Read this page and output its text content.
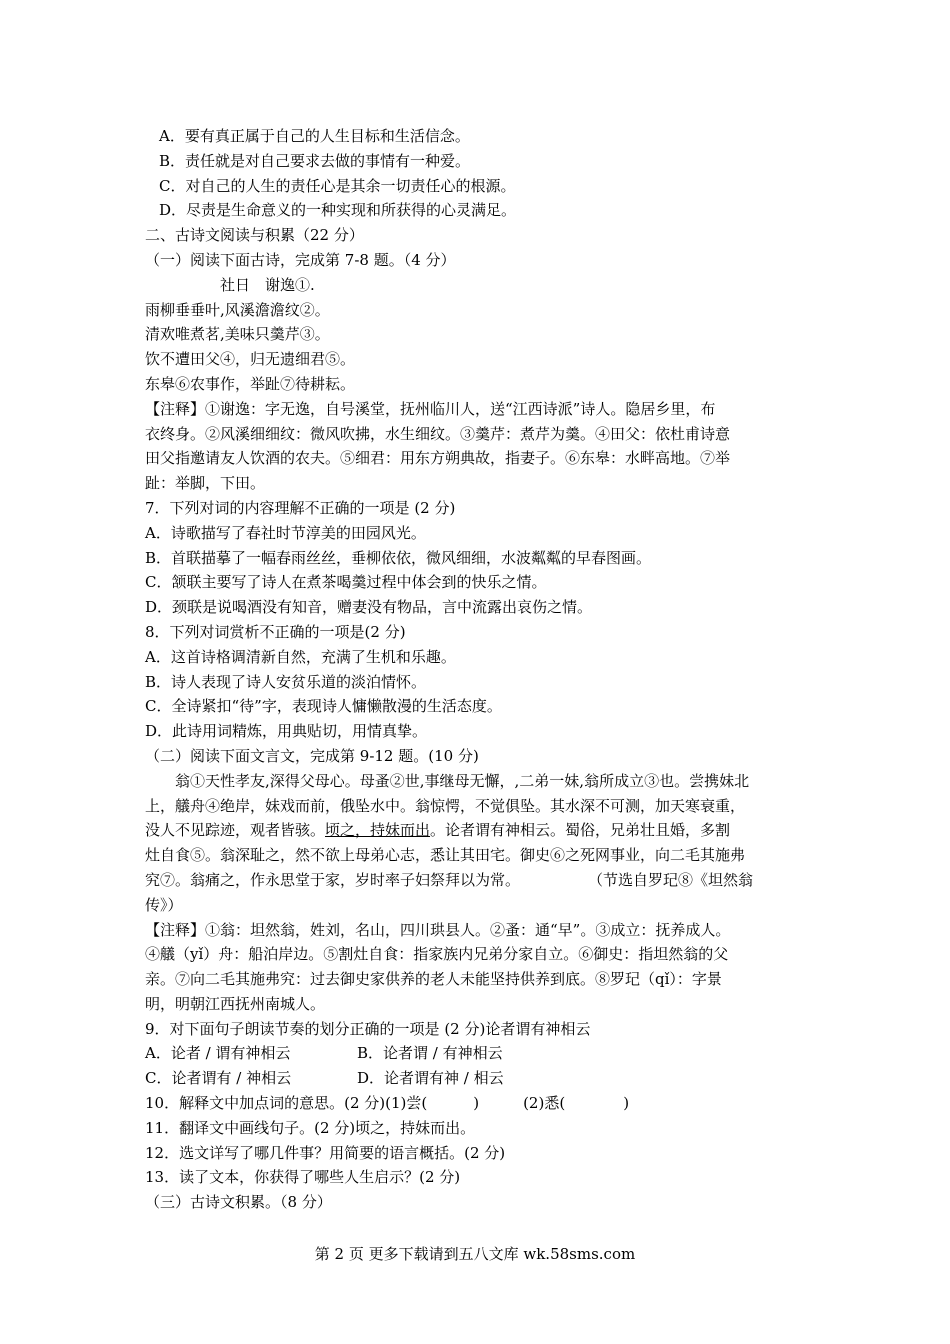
A．要有真正属于自己的人生目标和生活信念。
B．责任就是对自己要求去做的事情有一种爱。
C．对自己的人生的责任心是其余一切责任心的根源。
D．尽责是生命意义的一种实现和所获得的心灵满足。
二、古诗文阅读与积累（22 分）
（一）阅读下面古诗，完成第 7-8 题。（4 分）
社日　谢逸①.
雨柳垂垂叶,风溪澹澹纹②。
清欢唯煮茗,美味只羹芹③。
饮不遭田父④，归无遗细君⑤。
东皋⑥农事作，举趾⑦待耕耘。
【注释】①谢逸：字无逸，自号溪堂，抚州临川人，送“江西诗派”诗人。隐居乡里，布
衣终身。②风溪细细纹：微风吹拂，水生细纹。③羹芹：煮芹为羹。④田父：依杜甫诗意
田父指邀请友人饮酒的农夫。⑤细君：用东方朔典故，指妻子。⑥东皋：水畔高地。⑦举
趾：举脚，下田。
7．下列对词的内容理解不正确的一项是 (2 分)
A．诗歌描写了春社时节淳美的田园风光。
B．首联描摹了一幅春雨丝丝，垂柳依依，微风细细，水波粼粼的早春图画。
C．颔联主要写了诗人在煮茶喝羹过程中体会到的快乐之情。
D．颈联是说喝酒没有知音，赠妻没有物品，言中流露出哀伤之情。
8．下列对词赏析不正确的一项是(2 分)
A．这首诗格调清新自然，充满了生机和乐趣。
B．诗人表现了诗人安贫乐道的淡泊情怀。
C．全诗紧扣“待”字，表现诗人慵懒散漫的生活态度。
D．此诗用词精炼，用典贴切，用情真挚。
（二）阅读下面文言文，完成第 9-12 题。(10 分)
翁①天性孝友,深得父母心。母蚤②世,事继母无懈，,二弟一妹,翁所成立③也。尝携妹北
上，艤舟④绝岸，妹戏而前，俄坠水中。翁惊愕，不觉俱坠。其水深不可测，加天寒衰重，
没人不见踪迹，观者皆骇。顷之，持妹而出。论者谓有神相云。蜀俗，兄弟壮且婚，多割
灶自食⑤。翁深耻之，然不欲上母弟心志，悉让其田宅。御史⑥之死网事业，向二毛其施弗
究⑦。翁痛之，作永思堂于家，岁时率子妇祭拜以为常。	（节选自罗玘⑧《坦然翁
传》）
【注释】①翁：坦然翁，姓刘，名山，四川珙县人。②蚤：通“早”。③成立：抚养成人。
④艤（yǐ）舟：船泊岸边。⑤割灶自食：指家族内兄弟分家自立。⑥御史：指坦然翁的父
亲。⑦向二毛其施弗究：过去御史家供养的老人未能坚持供养到底。⑧罗玘（qǐ）：字景
明，明朝江西抚州南城人。
9．对下面句子朗读节奏的划分正确的一项是 (2 分)论者谓有神相云
A．论者 / 谓有神相云	B．论者谓 / 有神相云
C．论者谓有 / 神相云	D．论者谓有神 / 相云
10．解释文中加点词的意思。(2 分)(1)尝(	)	(2)悉(	)
11．翻译文中画线句子。(2 分)顷之，持妹而出。
12．选文详写了哪几件事？用简要的语言概括。(2 分)
13．读了文本，你获得了哪些人生启示？(2 分)
（三）古诗文积累。（8 分）
第 2 页 更多下载请到五八文库 wk.58sms.com
